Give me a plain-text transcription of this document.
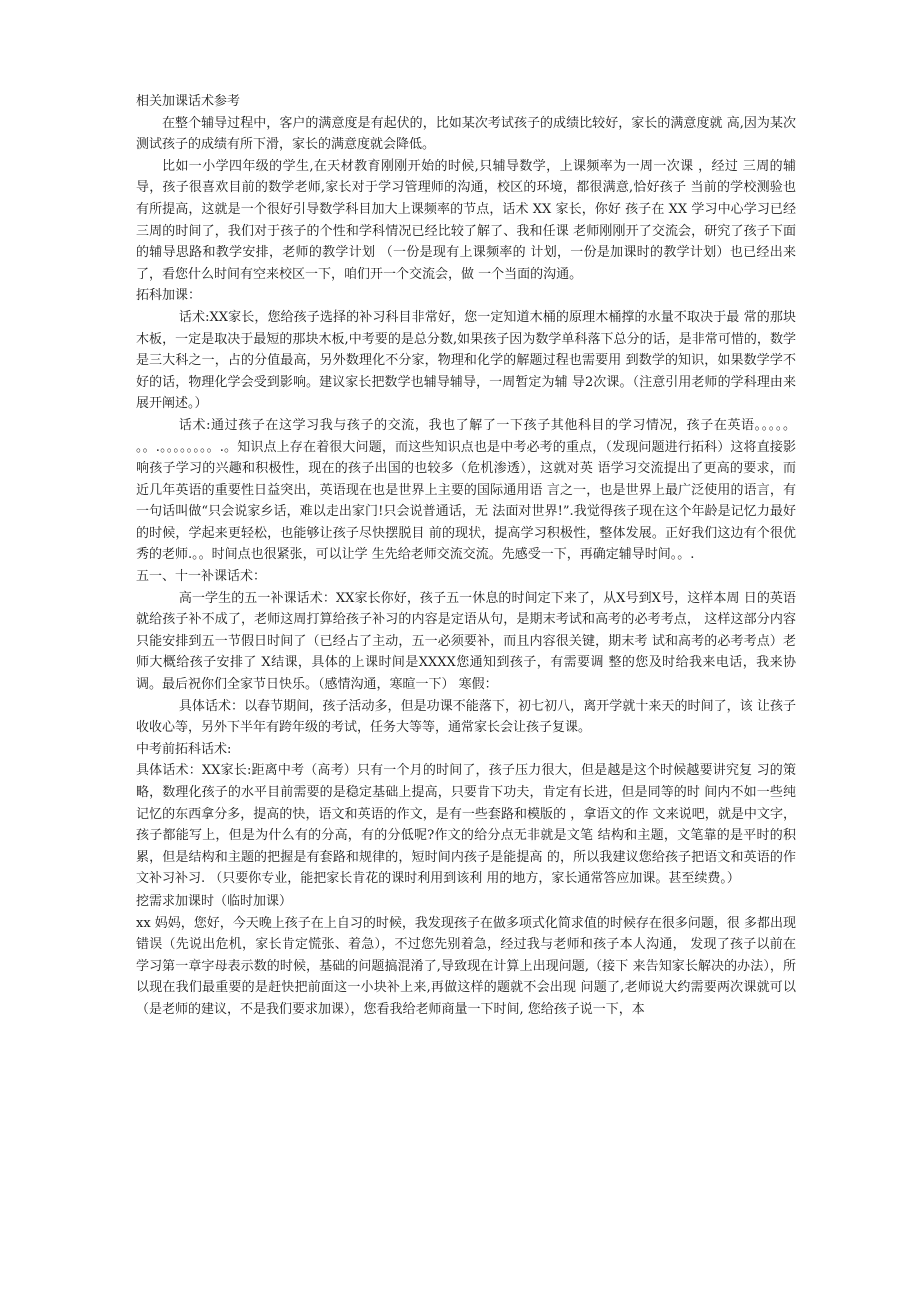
相关加课话术参考

在整个辅导过程中，客户的满意度是有起伏的，比如某次考试孩子的成绩比较好，家长的满意度就 高,因为某次测试孩子的成绩有所下滑，家长的满意度就会降低。

比如一小学四年级的学生,在天材教育刚刚开始的时候,只辅导数学，上课频率为一周一次课 ，经过 三周的辅导，孩子很喜欢目前的数学老师,家长对于学习管理师的沟通，校区的环境，都很满意,恰好孩子 当前的学校测验也有所提高，这就是一个很好引导数学科目加大上课频率的节点，话术 XX 家长，你好 孩子在 XX 学习中心学习已经三周的时间了，我们对于孩子的个性和学科情况已经比较了解了、我和任课 老师刚刚开了交流会，研究了孩子下面的辅导思路和教学安排，老师的教学计划 （一份是现有上课频率的 计划，一份是加课时的教学计划）也已经出来了，看您什么时间有空来校区一下，咱们开一个交流会，做 一个当面的沟通。

拓科加课：

话术:XX家长，您给孩子选择的补习科目非常好，您一定知道木桶的原理木桶撑的水量不取决于最 常的那块木板，一定是取决于最短的那块木板,中考要的是总分数,如果孩子因为数学单科落下总分的话，是非常可惜的，数学是三大科之一，占的分值最高，另外数理化不分家，物理和化学的解题过程也需要用 到数学的知识，如果数学学不好的话，物理化学会受到影响。建议家长把数学也辅导辅导，一周暂定为辅 导2次课。（注意引用老师的学科理由来展开阐述。）

话术:通过孩子在这学习我与孩子的交流，我也了解了一下孩子其他科目的学习情况，孩子在英语。。。。。 。。.。。。。。。。。.。知识点上存在着很大问题，而这些知识点也是中考必考的重点，（发现问题进行拓科）这将直接影响孩子学习的兴趣和积极性，现在的孩子出国的也较多（危机渗透），这就对英 语学习交流提出了更高的要求，而近几年英语的重要性日益突出，英语现在也是世界上主要的国际通用语 言之一，也是世界上最广泛使用的语言，有一句话叫做“只会说家乡话，难以走出家门!只会说普通话，无 法面对世界!”.我觉得孩子现在这个年龄是记忆力最好的时候，学起来更轻松，也能够让孩子尽快摆脱目 前的现状，提高学习积极性，整体发展。正好我们这边有个很优秀的老师.。。时间点也很紧张，可以让学 生先给老师交流交流。先感受一下，再确定辅导时间。。.

五一、十一补课话术：

高一学生的五一补课话术：XX家长你好，孩子五一休息的时间定下来了，从X号到X号，这样本周 日的英语就给孩子补不成了，老师这周打算给孩子补习的内容是定语从句，是期末考试和高考的必考考点， 这样这部分内容只能安排到五一节假日时间了（已经占了主动，五一必须要补，而且内容很关键，期末考 试和高考的必考考点）老师大概给孩子安排了 X结课，具体的上课时间是XXXX您通知到孩子，有需要调 整的您及时给我来电话，我来协调。最后祝你们全家节日快乐。（感情沟通，寒暄一下） 寒假：

具体话术：以春节期间，孩子活动多，但是功课不能落下，初七初八，离开学就十来天的时间了，该 让孩子收收心等，另外下半年有跨年级的考试，任务大等等，通常家长会让孩子复课。

中考前拓科话术:

具体话术：XX家长:距离中考（高考）只有一个月的时间了，孩子压力很大，但是越是这个时候越要讲究复 习的策略，数理化孩子的水平目前需要的是稳定基础上提高，只要肯下功夫，肯定有长进，但是同等的时 间内不如一些纯记忆的东西拿分多，提高的快，语文和英语的作文，是有一些套路和模版的 ，拿语文的作 文来说吧，就是中文字，孩子都能写上，但是为什么有的分高，有的分低呢?作文的给分点无非就是文笔 结构和主题，文笔靠的是平时的积累，但是结构和主题的把握是有套路和规律的，短时间内孩子是能提高 的，所以我建议您给孩子把语文和英语的作文补习补习. （只要你专业，能把家长肯花的课时利用到该利 用的地方，家长通常答应加课。甚至续费。）

挖需求加课时（临时加课）

xx 妈妈，您好，今天晚上孩子在上自习的时候，我发现孩子在做多项式化简求值的时候存在很多问题，很 多都出现错误（先说出危机，家长肯定慌张、着急），不过您先别着急，经过我与老师和孩子本人沟通， 发现了孩子以前在学习第一章字母表示数的时候，基础的问题搞混淆了,导致现在计算上出现问题,（接下 来告知家长解决的办法），所以现在我们最重要的是赶快把前面这一小块补上来,再做这样的题就不会出现 问题了,老师说大约需要两次课就可以（是老师的建议，不是我们要求加课），您看我给老师商量一下时间, 您给孩子说一下，本
